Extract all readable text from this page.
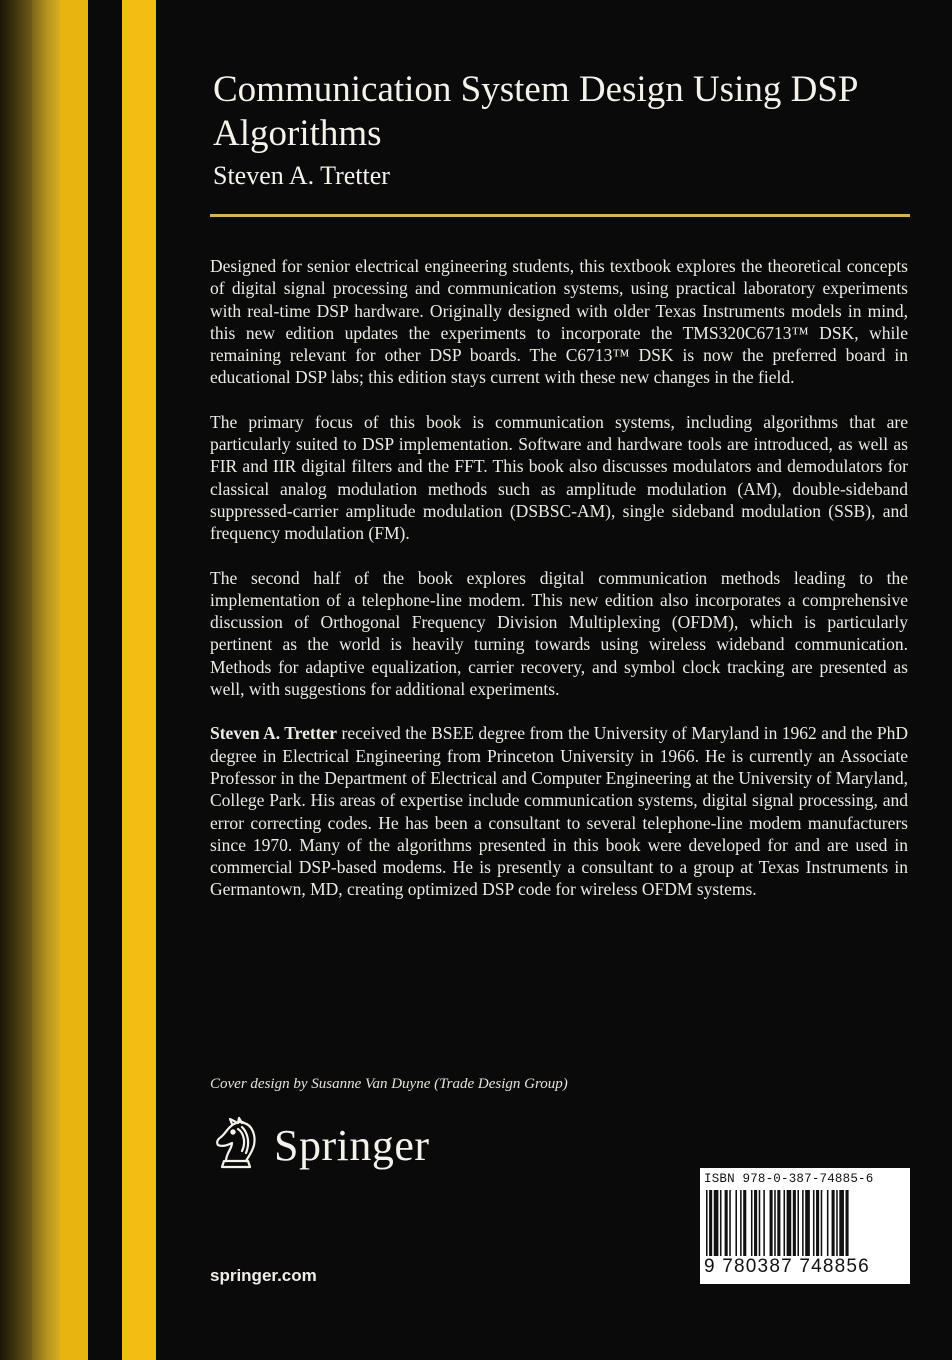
Communication System Design Using DSP Algorithms
Steven A. Tretter

Designed for senior electrical engineering students, this textbook explores the theoretical concepts of digital signal processing and communication systems, using practical laboratory experiments with real-time DSP hardware. Originally designed with older Texas Instruments models in mind, this new edition updates the experiments to incorporate the TMS320C6713™ DSK, while remaining relevant for other DSP boards. The C6713™ DSK is now the preferred board in educational DSP labs; this edition stays current with these new changes in the field.

The primary focus of this book is communication systems, including algorithms that are particularly suited to DSP implementation. Software and hardware tools are introduced, as well as FIR and IIR digital filters and the FFT. This book also discusses modulators and demodulators for classical analog modulation methods such as amplitude modulation (AM), double-sideband suppressed-carrier amplitude modulation (DSBSC-AM), single sideband modulation (SSB), and frequency modulation (FM).

The second half of the book explores digital communication methods leading to the implementation of a telephone-line modem. This new edition also incorporates a comprehensive discussion of Orthogonal Frequency Division Multiplexing (OFDM), which is particularly pertinent as the world is heavily turning towards using wireless wideband communication. Methods for adaptive equalization, carrier recovery, and symbol clock tracking are presented as well, with suggestions for additional experiments.

Steven A. Tretter received the BSEE degree from the University of Maryland in 1962 and the PhD degree in Electrical Engineering from Princeton University in 1966. He is currently an Associate Professor in the Department of Electrical and Computer Engineering at the University of Maryland, College Park. His areas of expertise include communication systems, digital signal processing, and error correcting codes. He has been a consultant to several telephone-line modem manufacturers since 1970. Many of the algorithms presented in this book were developed for and are used in commercial DSP-based modems. He is presently a consultant to a group at Texas Instruments in Germantown, MD, creating optimized DSP code for wireless OFDM systems.

Cover design by Susanne Van Duyne (Trade Design Group)
Springer
springer.com
ISBN 978-0-387-74885-6
9 780387 748856
